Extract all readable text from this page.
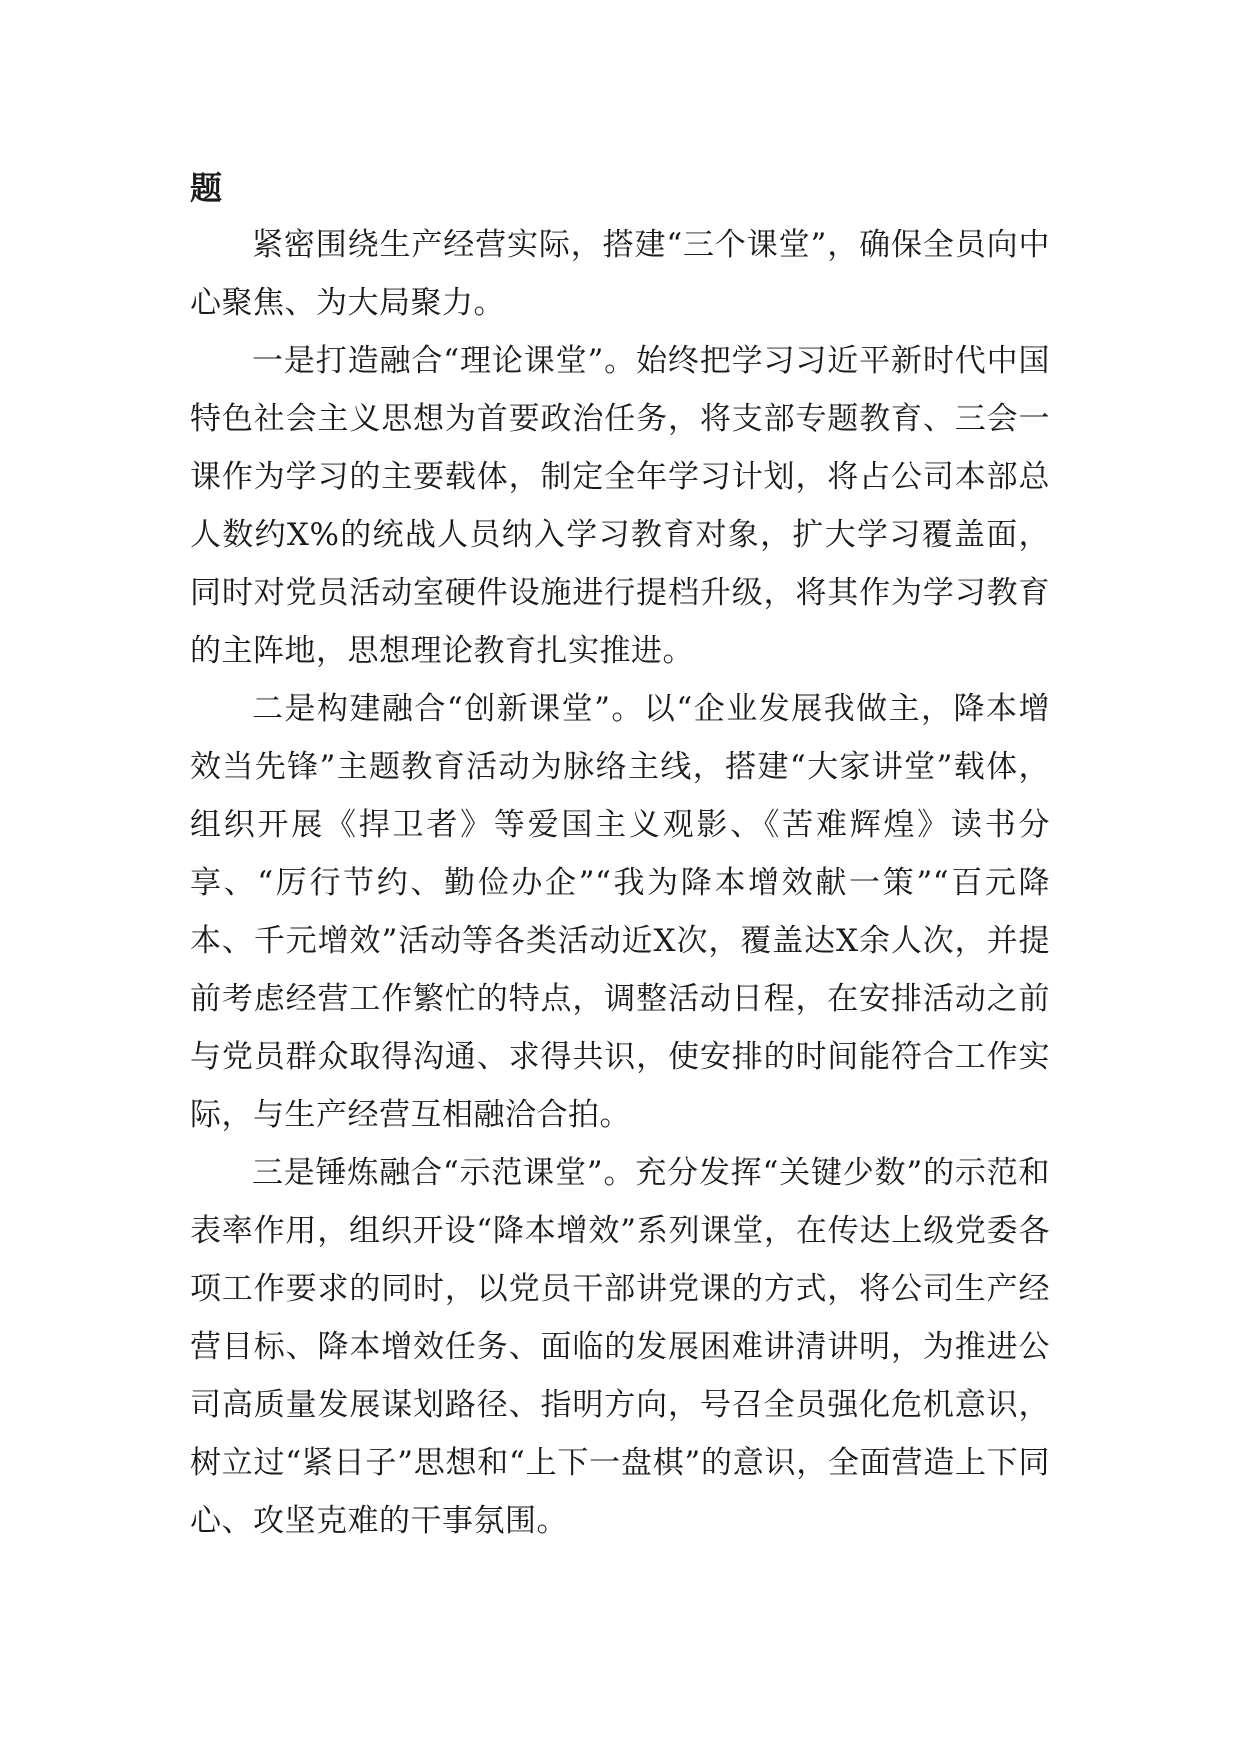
题

紧密围绕生产经营实际，搭建“三个课堂”，确保全员向中心聚焦、为大局聚力。

一是打造融合“理论课堂”。始终把学习习近平新时代中国特色社会主义思想为首要政治任务，将支部专题教育、三会一课作为学习的主要载体，制定全年学习计划，将占公司本部总人数约X%的统战人员纳入学习教育对象，扩大学习覆盖面，同时对党员活动室硬件设施进行提档升级，将其作为学习教育的主阵地，思想理论教育扎实推进。

二是构建融合“创新课堂”。以“企业发展我做主，降本增效当先锋”主题教育活动为脉络主线，搭建“大家讲堂”载体，组织开展《捍卫者》等爱国主义观影、《苦难辉煌》读书分享、“厉行节约、勤俭办企”“我为降本增效献一策”“百元降本、千元增效”活动等各类活动近X次，覆盖达X余人次，并提前考虑经营工作繁忙的特点，调整活动日程，在安排活动之前与党员群众取得沟通、求得共识，使安排的时间能符合工作实际，与生产经营互相融洽合拍。

三是锤炼融合“示范课堂”。充分发挥“关键少数”的示范和表率作用，组织开设“降本增效”系列课堂，在传达上级党委各项工作要求的同时，以党员干部讲党课的方式，将公司生产经营目标、降本增效任务、面临的发展困难讲清讲明，为推进公司高质量发展谋划路径、指明方向，号召全员强化危机意识，树立过“紧日子”思想和“上下一盘棋”的意识，全面营造上下同心、攻坚克难的干事氛围。
